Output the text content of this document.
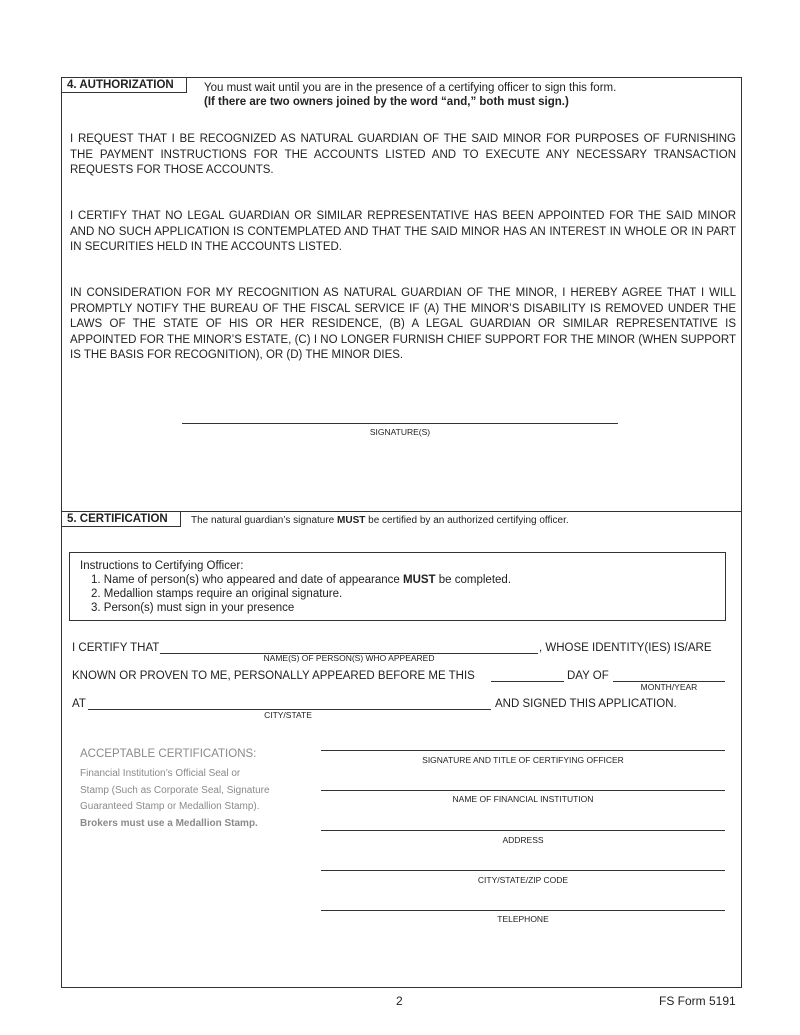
4. AUTHORIZATION	You must wait until you are in the presence of a certifying officer to sign this form.
(If there are two owners joined by the word “and,” both must sign.)
I REQUEST THAT I BE RECOGNIZED AS NATURAL GUARDIAN OF THE SAID MINOR FOR PURPOSES OF FURNISHING THE PAYMENT INSTRUCTIONS FOR THE ACCOUNTS LISTED AND TO EXECUTE ANY NECESSARY TRANSACTION REQUESTS FOR THOSE ACCOUNTS.
I CERTIFY THAT NO LEGAL GUARDIAN OR SIMILAR REPRESENTATIVE HAS BEEN APPOINTED FOR THE SAID MINOR AND NO SUCH APPLICATION IS CONTEMPLATED AND THAT THE SAID MINOR HAS AN INTEREST IN WHOLE OR IN PART IN SECURITIES HELD IN THE ACCOUNTS LISTED.
IN CONSIDERATION FOR MY RECOGNITION AS NATURAL GUARDIAN OF THE MINOR, I HEREBY AGREE THAT I WILL PROMPTLY NOTIFY THE BUREAU OF THE FISCAL SERVICE IF (A) THE MINOR’S DISABILITY IS REMOVED UNDER THE LAWS OF THE STATE OF HIS OR HER RESIDENCE, (B) A LEGAL GUARDIAN OR SIMILAR REPRESENTATIVE IS APPOINTED FOR THE MINOR’S ESTATE, (C) I NO LONGER FURNISH CHIEF SUPPORT FOR THE MINOR (WHEN SUPPORT IS THE BASIS FOR RECOGNITION), OR (D) THE MINOR DIES.
SIGNATURE(S)
5. CERTIFICATION	The natural guardian’s signature MUST be certified by an authorized certifying officer.
Instructions to Certifying Officer:
1. Name of person(s) who appeared and date of appearance MUST be completed.
2. Medallion stamps require an original signature.
3. Person(s) must sign in your presence
I CERTIFY THAT
NAME(S) OF PERSON(S) WHO APPEARED
, WHOSE IDENTITY(IES) IS/ARE
KNOWN OR PROVEN TO ME, PERSONALLY APPEARED BEFORE ME THIS	DAY OF
MONTH/YEAR
AT
CITY/STATE
AND SIGNED THIS APPLICATION.
ACCEPTABLE CERTIFICATIONS:
Financial Institution’s Official Seal or
Stamp (Such as Corporate Seal, Signature
Guaranteed Stamp or Medallion Stamp).
Brokers must use a Medallion Stamp.
SIGNATURE AND TITLE OF CERTIFYING OFFICER
NAME OF FINANCIAL INSTITUTION
ADDRESS
CITY/STATE/ZIP CODE
TELEPHONE
2	FS Form 5191
